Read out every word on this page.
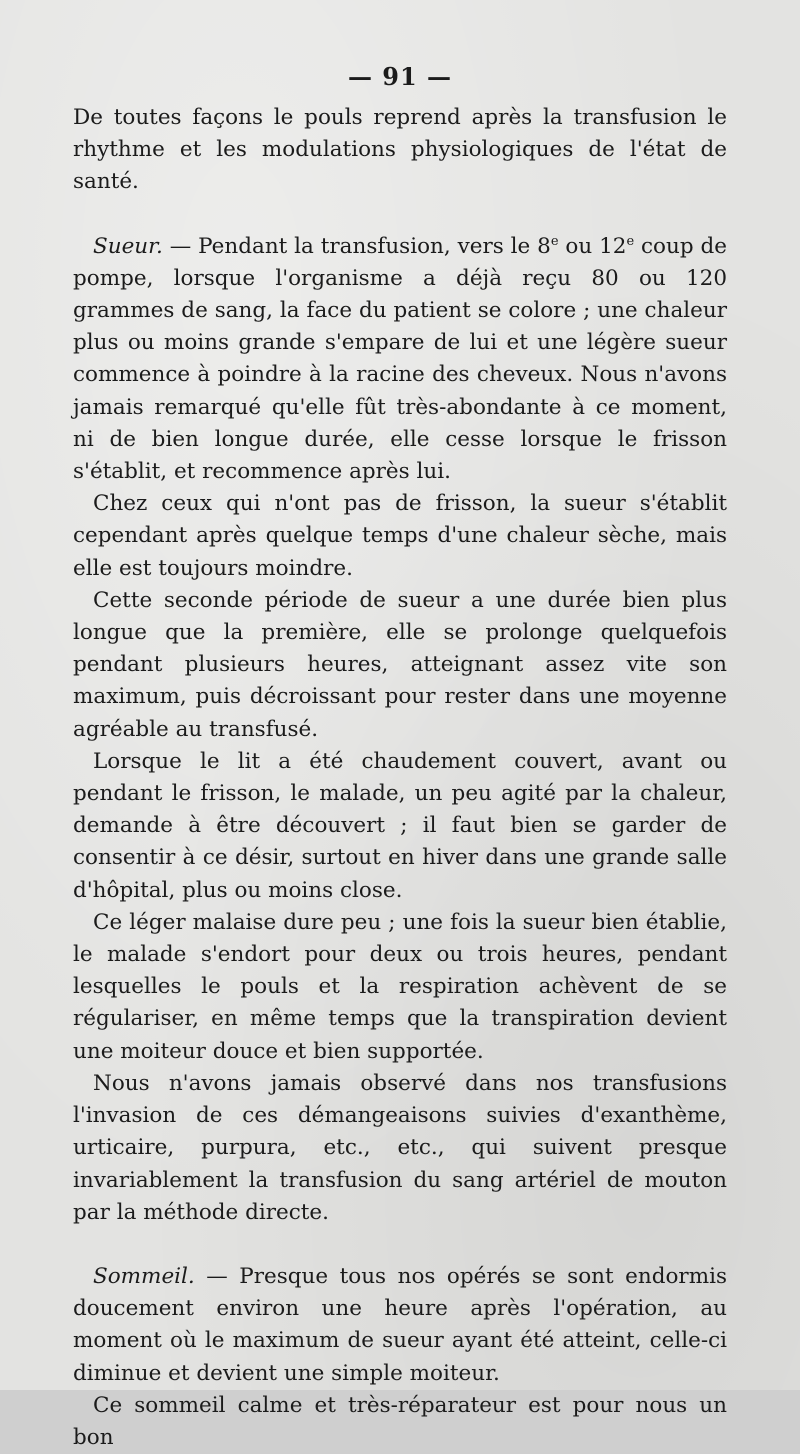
— 91 —

De toutes façons le pouls reprend après la transfusion le rhythme et les modulations physiologiques de l'état de santé.

Sueur. — Pendant la transfusion, vers le 8e ou 12e coup de pompe, lorsque l'organisme a déjà reçu 80 ou 120 grammes de sang, la face du patient se colore ; une chaleur plus ou moins grande s'empare de lui et une légère sueur commence à poindre à la racine des cheveux. Nous n'avons jamais remarqué qu'elle fût très-abondante à ce moment, ni de bien longue durée, elle cesse lorsque le frisson s'établit, et recommence après lui.

Chez ceux qui n'ont pas de frisson, la sueur s'établit cependant après quelque temps d'une chaleur sèche, mais elle est toujours moindre.

Cette seconde période de sueur a une durée bien plus longue que la première, elle se prolonge quelquefois pendant plusieurs heures, atteignant assez vite son maximum, puis décroissant pour rester dans une moyenne agréable au transfusé.

Lorsque le lit a été chaudement couvert, avant ou pendant le frisson, le malade, un peu agité par la chaleur, demande à être découvert ; il faut bien se garder de consentir à ce désir, surtout en hiver dans une grande salle d'hôpital, plus ou moins close.

Ce léger malaise dure peu ; une fois la sueur bien établie, le malade s'endort pour deux ou trois heures, pendant lesquelles le pouls et la respiration achèvent de se régulariser, en même temps que la transpiration devient une moiteur douce et bien supportée.

Nous n'avons jamais observé dans nos transfusions l'invasion de ces démangeaisons suivies d'exanthème, urticaire, purpura, etc., etc., qui suivent presque invariablement la transfusion du sang artériel de mouton par la méthode directe.

Sommeil. — Presque tous nos opérés se sont endormis doucement environ une heure après l'opération, au moment où le maximum de sueur ayant été atteint, celle-ci diminue et devient une simple moiteur.

Ce sommeil calme et très-réparateur est pour nous un bon
